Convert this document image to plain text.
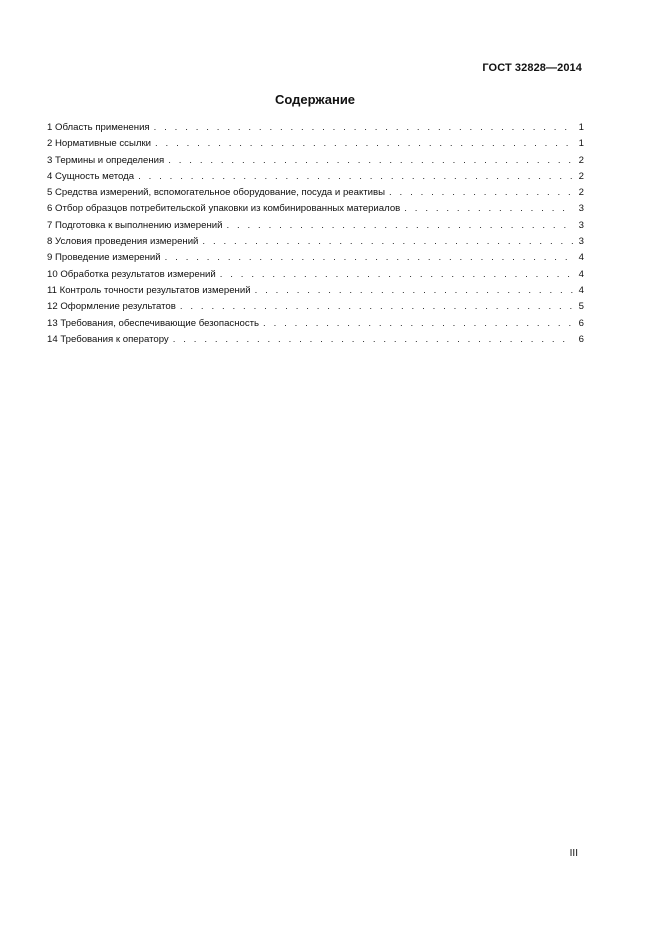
ГОСТ 32828—2014
Содержание
1 Область применения . . .	1
2 Нормативные ссылки . . .	1
3 Термины и определения . . .	2
4 Сущность метода . . .	2
5 Средства измерений, вспомогательное оборудование, посуда и реактивы . . .	2
6 Отбор образцов потребительской упаковки из комбинированных материалов . . .	3
7 Подготовка к выполнению измерений . . .	3
8 Условия проведения измерений . . .	3
9 Проведение измерений . . .	4
10 Обработка результатов измерений . . .	4
11 Контроль точности результатов измерений . . .	4
12 Оформление результатов . . .	5
13 Требования, обеспечивающие безопасность . . .	6
14 Требования к оператору . . .	6
III
